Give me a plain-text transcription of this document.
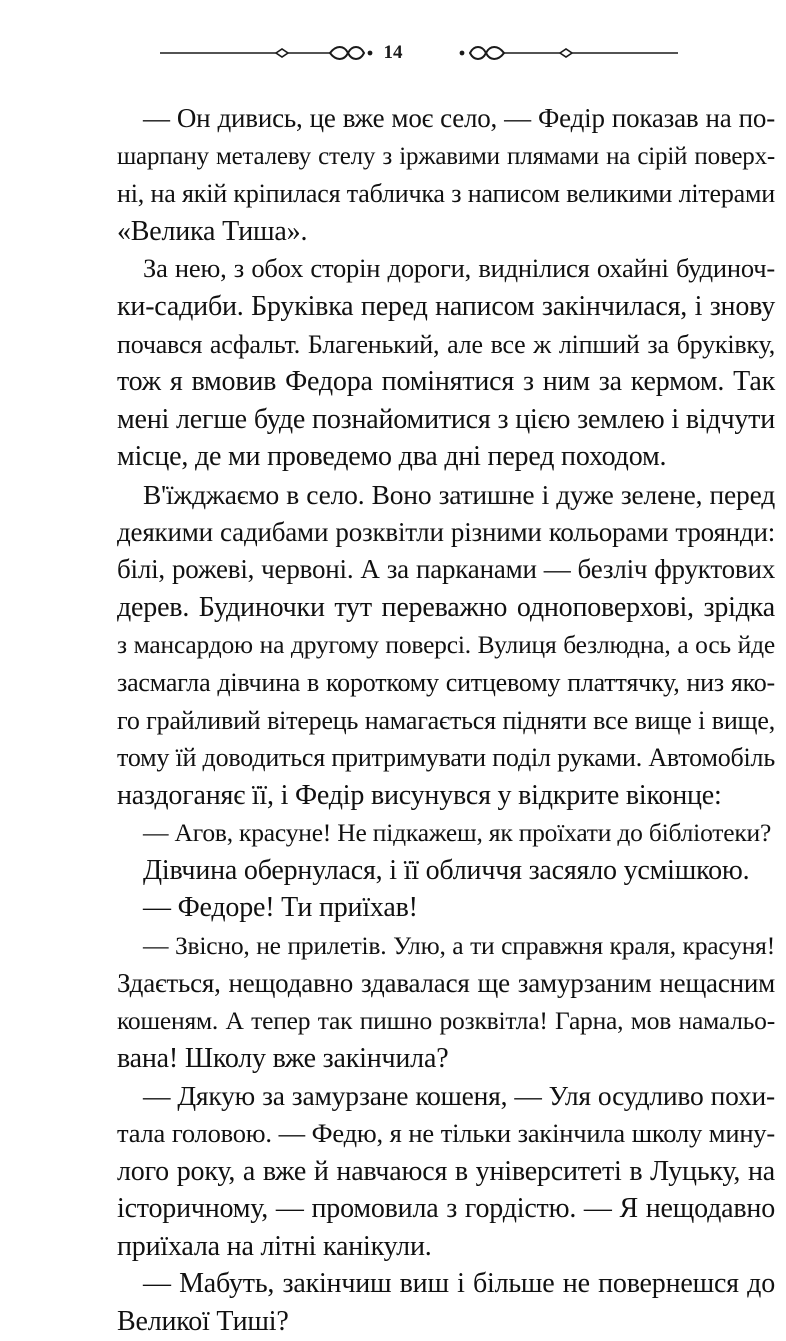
14
— Он дивись, це вже моє село, — Федір показав на по-
шарпану металеву стелу з іржавими плямами на сірій поверх-
ні, на якій кріпилася табличка з написом великими літерами
«Велика Тиша».
За нею, з обох сторін дороги, виднілися охайні будиноч-
ки-садиби. Бруківка перед написом закінчилася, і знову
почався асфальт. Благенький, але все ж ліпший за бруківку,
тож я вмовив Федора помінятися з ним за кермом. Так
мені легше буде познайомитися з цією землею і відчути
місце, де ми проведемо два дні перед походом.
В'їжджаємо в село. Воно затишне і дуже зелене, перед
деякими садибами розквітли різними кольорами троянди:
білі, рожеві, червоні. А за парканами — безліч фруктових
дерев. Будиночки тут переважно одноповерхові, зрідка
з мансардою на другому поверсі. Вулиця безлюдна, а ось йде
засмагла дівчина в короткому ситцевому платтячку, низ яко-
го грайливий вітерець намагається підняти все вище і вище,
тому їй доводиться притримувати поділ руками. Автомобіль
наздоганяє її, і Федір висунувся у відкрите віконце:
— Агов, красуне! Не підкажеш, як проїхати до бібліотеки?
Дівчина обернулася, і її обличчя засяяло усмішкою.
— Федоре! Ти приїхав!
— Звісно, не прилетів. Улю, а ти справжня краля, красуня!
Здається, нещодавно здавалася ще замурзаним нещасним
кошеням. А тепер так пишно розквітла! Гарна, мов намальо-
вана! Школу вже закінчила?
— Дякую за замурзане кошеня, — Уля осудливо похи-
тала головою. — Федю, я не тільки закінчила школу мину-
лого року, а вже й навчаюся в університеті в Луцьку, на
історичному, — промовила з гордістю. — Я нещодавно
приїхала на літні канікули.
— Мабуть, закінчиш виш і більше не повернешся до
Великої Тиші?
